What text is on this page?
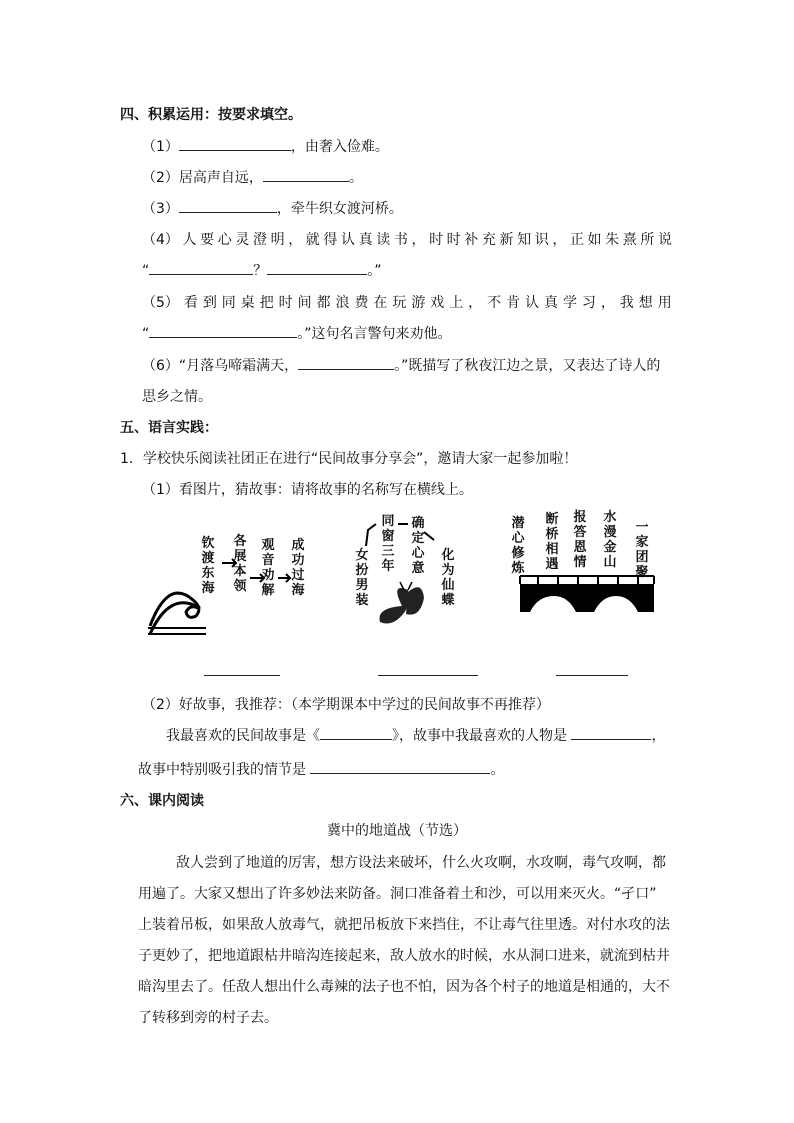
四、积累运用：按要求填空。
（1）	，由奢入俭难。
（2）居高声自远，	。
（3）	，牵牛织女渡河桥。
（4） 人 要 心 灵 澄 明 ， 就 得 认 真 读 书 ， 时 时 补 充 新 知 识 ， 正 如 朱 熹 所 说
“	？	。”
（5） 看 到 同 桌 把 时 间 都 浪 费 在 玩 游 戏 上 ， 不 肯 认 真 学 习 ， 我 想 用
“	。”这句名言警句来劝他。
（6）“月落乌啼霜满天，	。”既描写了秋夜江边之景，又表达了诗人的
思乡之情。
五、语言实践：
1．学校快乐阅读社团正在进行“民间故事分享会”，邀请大家一起参加啦！
（1）看图片，猜故事：请将故事的名称写在横线上。
钦渡东海
各展本领
观音劝解
成功过海
女扮男装
同窗三年
确定心意
化为仙蝶
潜心修炼
断桥相遇
报答恩情
水漫金山
一家团聚
（2）好故事，我推荐：（本学期课本中学过的民间故事不再推荐）
我最喜欢的民间故事是《	》，故事中我最喜欢的人物是	，
故事中特别吸引我的情节是	。
六、课内阅读
冀中的地道战（节选）
敌人尝到了地道的厉害，想方设法来破坏，什么火攻啊，水攻啊，毒气攻啊，都
用遍了。大家又想出了许多妙法来防备。洞口准备着土和沙，可以用来灭火。“孑口”
上装着吊板，如果敌人放毒气，就把吊板放下来挡住，不让毒气往里透。对付水攻的法
子更妙了，把地道跟枯井暗沟连接起来，敌人放水的时候，水从洞口进来，就流到枯井
暗沟里去了。任敌人想出什么毒辣的法子也不怕，因为各个村子的地道是相通的，大不
了转移到旁的村子去。
